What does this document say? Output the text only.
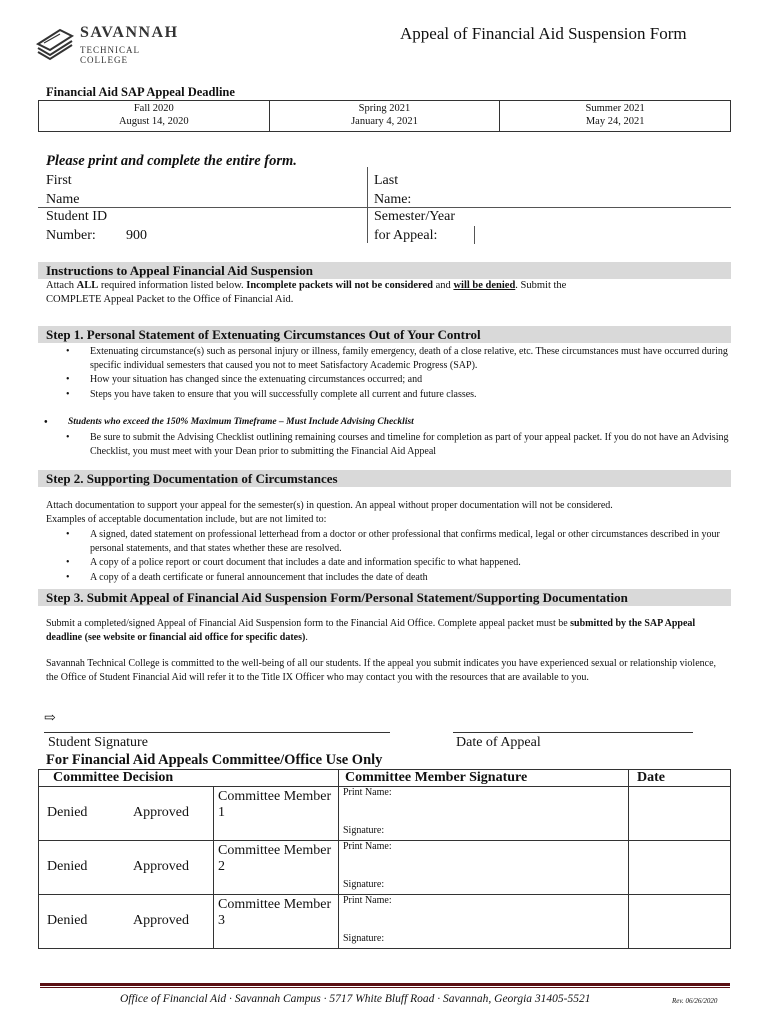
SAVANNAH
TECHNICAL COLLEGE
Appeal of Financial Aid Suspension Form
Financial Aid SAP Appeal Deadline
Fall 2020
August 14, 2020

Spring 2021
January 4, 2021

Summer 2021
May 24, 2021
Please print and complete the entire form.
First
Name
Last
Name:
Student ID
Number:	900
Semester/Year
for Appeal:
Instructions to Appeal Financial Aid Suspension
Attach ALL required information listed below. Incomplete packets will not be considered and will be denied. Submit the
COMPLETE Appeal Packet to the Office of Financial Aid.
Step 1. Personal Statement of Extenuating Circumstances Out of Your Control
• Extenuating circumstance(s) such as personal injury or illness, family emergency, death of a close relative, etc. These circumstances must have occurred during specific individual semesters that caused you not to meet Satisfactory Academic Progress (SAP).
• How your situation has changed since the extenuating circumstances occurred; and
• Steps you have taken to ensure that you will successfully complete all current and future classes.
• Students who exceed the 150% Maximum Timeframe – Must Include Advising Checklist
• Be sure to submit the Advising Checklist outlining remaining courses and timeline for completion as part of your appeal packet. If you do not have an Advising Checklist, you must meet with your Dean prior to submitting the Financial Aid Appeal
Step 2. Supporting Documentation of Circumstances
Attach documentation to support your appeal for the semester(s) in question. An appeal without proper documentation will not be considered.
Examples of acceptable documentation include, but are not limited to:
• A signed, dated statement on professional letterhead from a doctor or other professional that confirms medical, legal or other circumstances described in your personal statements, and that states whether these are resolved.
• A copy of a police report or court document that includes a date and information specific to what happened.
• A copy of a death certificate or funeral announcement that includes the date of death
Step 3. Submit Appeal of Financial Aid Suspension Form/Personal Statement/Supporting Documentation
Submit a completed/signed Appeal of Financial Aid Suspension form to the Financial Aid Office. Complete appeal packet must be submitted by the SAP Appeal deadline (see website or financial aid office for specific dates).
Savannah Technical College is committed to the well-being of all our students. If the appeal you submit indicates you have experienced sexual or relationship violence, the Office of Student Financial Aid will refer it to the Title IX Officer who may contact you with the resources that are available to you.
⇨
Student Signature	Date of Appeal
For Financial Aid Appeals Committee/Office Use Only
Committee Decision			Committee Member Signature	Date
Denied	Approved	Committee Member 1	Print Name:
Signature:	

Denied	Approved	Committee Member 2	Print Name:
Signature:	

Denied	Approved	Committee Member 3	Print Name:
Signature:	

Office of Financial Aid · Savannah Campus · 5717 White Bluff Road · Savannah, Georgia 31405-5521	Rev. 06/26/2020
